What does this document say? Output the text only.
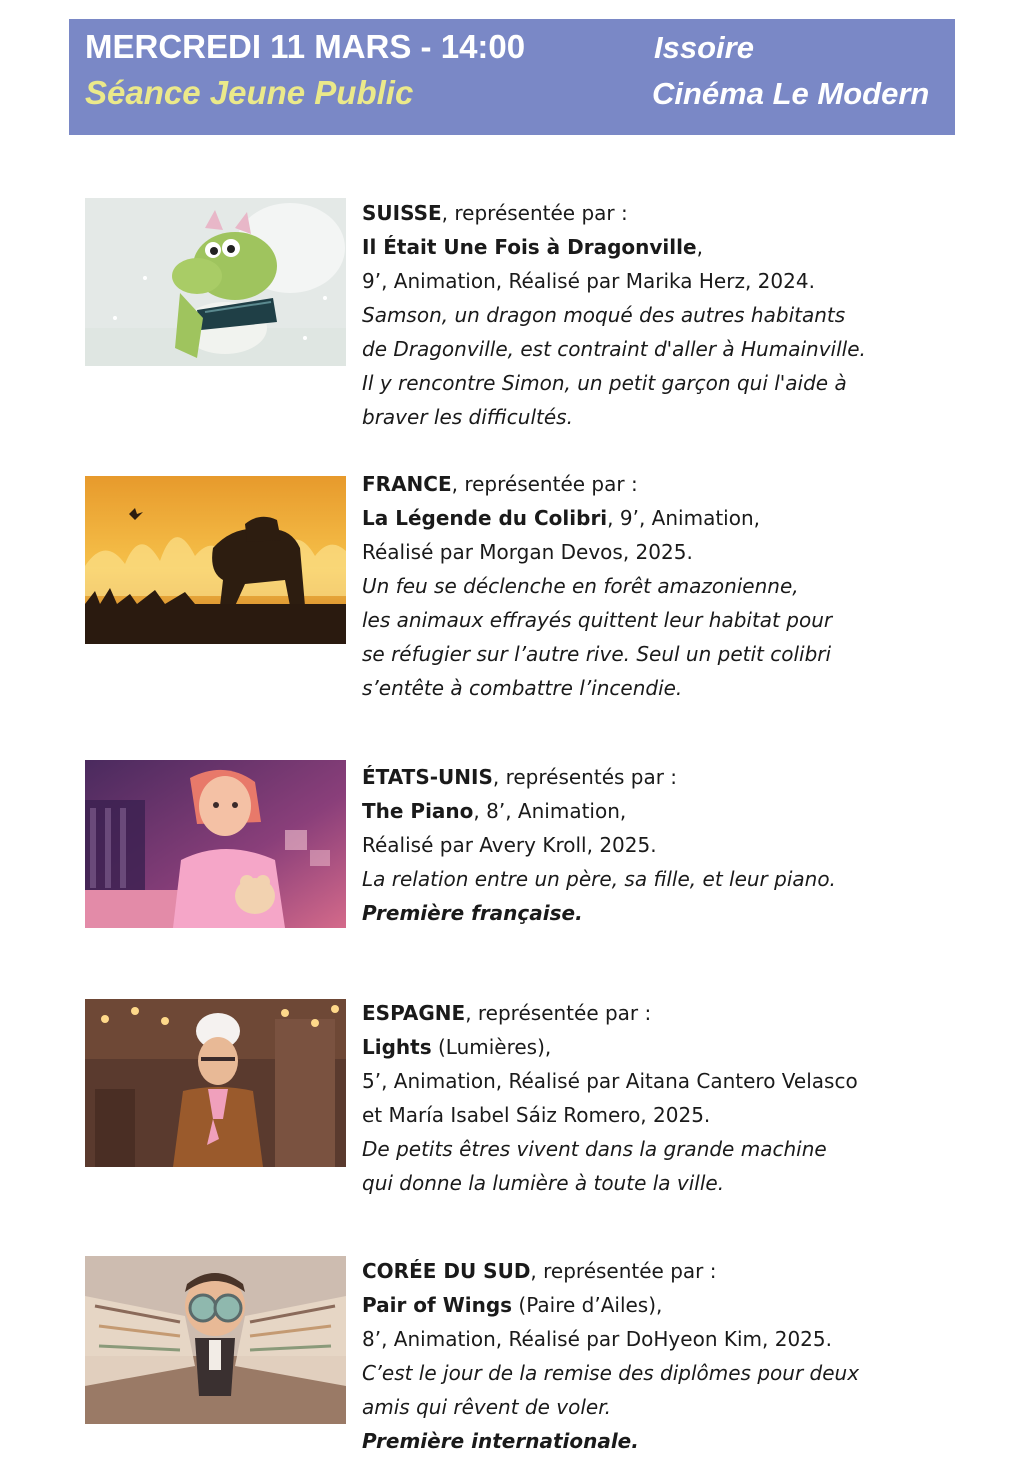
MERCREDI 11 MARS - 14:00
Séance Jeune Public
Issoire
Cinéma Le Modern
SUISSE, représentée par :
Il Était Une Fois à Dragonville,
9’, Animation, Réalisé par Marika Herz, 2024.
Samson, un dragon moqué des autres habitants
de Dragonville, est contraint d'aller à Humainville.
Il y rencontre Simon, un petit garçon qui l'aide à
braver les difficultés.
FRANCE, représentée par :
La Légende du Colibri, 9’, Animation,
Réalisé par Morgan Devos, 2025.
Un feu se déclenche en forêt amazonienne,
les animaux effrayés quittent leur habitat pour
se réfugier sur l’autre rive. Seul un petit colibri
s’entête à combattre l’incendie.
ÉTATS-UNIS, représentés par :
The Piano, 8’, Animation,
Réalisé par Avery Kroll, 2025.
La relation entre un père, sa fille, et leur piano.
Première française.
ESPAGNE, représentée par :
Lights (Lumières),
5’, Animation, Réalisé par Aitana Cantero Velasco
et María Isabel Sáiz Romero, 2025.
De petits êtres vivent dans la grande machine
qui donne la lumière à toute la ville.
CORÉE DU SUD, représentée par :
Pair of Wings (Paire d’Ailes),
8’, Animation, Réalisé par DoHyeon Kim, 2025.
C’est le jour de la remise des diplômes pour deux
amis qui rêvent de voler.
Première internationale.
